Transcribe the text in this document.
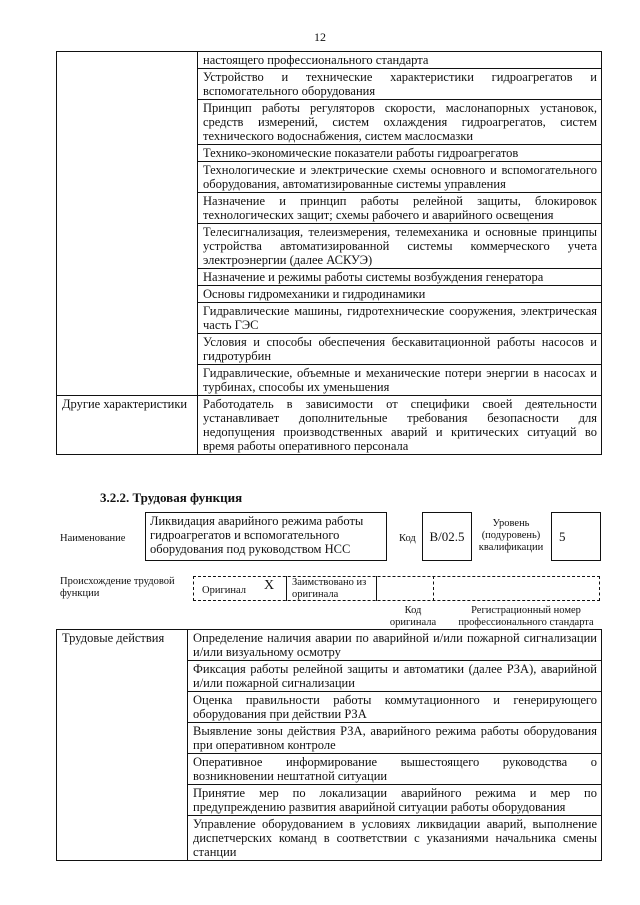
12
	настоящего профессионального стандарта
	Устройство и технические характеристики гидроагрегатов и вспомогательного оборудования
	Принцип работы регуляторов скорости, маслонапорных установок, средств измерений, систем охлаждения гидроагрегатов, систем технического водоснабжения, систем маслосмазки
	Технико-экономические показатели работы гидроагрегатов
	Технологические и электрические схемы основного и вспомогательного оборудования, автоматизированные системы управления
	Назначение и принцип работы релейной защиты, блокировок технологических защит; схемы рабочего и аварийного освещения
	Телесигнализация, телеизмерения, телемеханика и основные принципы устройства автоматизированной системы коммерческого учета электроэнергии (далее АСКУЭ)
	Назначение и режимы работы системы возбуждения генератора
	Основы гидромеханики и гидродинамики
	Гидравлические машины, гидротехнические сооружения, электрическая часть ГЭС
	Условия и способы обеспечения бескавитационной работы насосов и гидротурбин
	Гидравлические, объемные и механические потери энергии в насосах и турбинах, способы их уменьшения
Другие характеристики	Работодатель в зависимости от специфики своей деятельности устанавливает дополнительные требования безопасности для недопущения производственных аварий и критических ситуаций во время работы оперативного персонала
3.2.2. Трудовая функция
Наименование
Ликвидация аварийного режима работы гидроагрегатов и вспомогательного оборудования под руководством НСС
Код	B/02.5
Уровень (подуровень) квалификации
5
Происхождение трудовой функции	Оригинал X Заимствовано из оригинала
Код оригинала
Регистрационный номер профессионального стандарта
Трудовые действия	Определение наличия аварии по аварийной и/или пожарной сигнализации и/или визуальному осмотру
Фиксация работы релейной защиты и автоматики (далее РЗА), аварийной и/или пожарной сигнализации
Оценка правильности работы коммутационного и генерирующего оборудования при действии РЗА
Выявление зоны действия РЗА, аварийного режима работы оборудования при оперативном контроле
Оперативное информирование вышестоящего руководства о возникновении нештатной ситуации
Принятие мер по локализации аварийного режима и мер по предупреждению развития аварийной ситуации работы оборудования
Управление оборудованием в условиях ликвидации аварий, выполнение диспетчерских команд в соответствии с указаниями начальника смены станции
